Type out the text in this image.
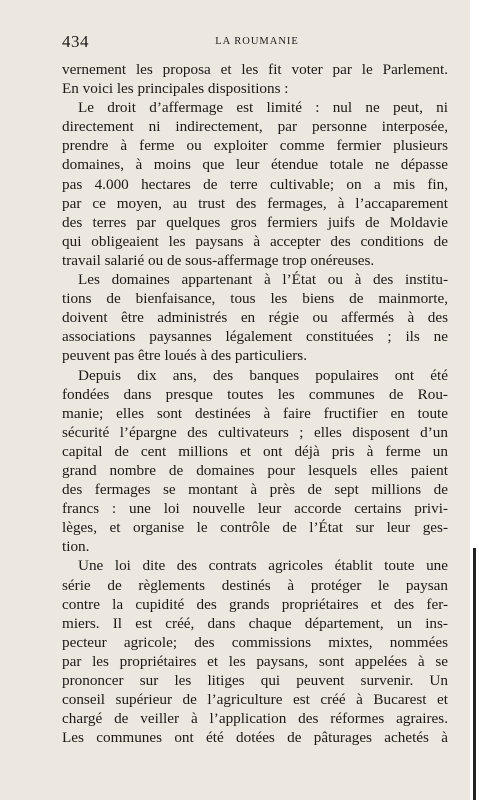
434	LA ROUMANIE
vernement les proposa et les fit voter par le Parlement.
En voici les principales dispositions :
Le droit d’affermage est limité : nul ne peut, ni
directement ni indirectement, par personne interposée,
prendre à ferme ou exploiter comme fermier plusieurs
domaines, à moins que leur étendue totale ne dépasse
pas 4.000 hectares de terre cultivable; on a mis fin,
par ce moyen, au trust des fermages, à l’accaparement
des terres par quelques gros fermiers juifs de Moldavie
qui obligeaient les paysans à accepter des conditions de
travail salarié ou de sous-affermage trop onéreuses.
Les domaines appartenant à l’État ou à des institu-
tions de bienfaisance, tous les biens de mainmorte,
doivent être administrés en régie ou affermés à des
associations paysannes légalement constituées ; ils ne
peuvent pas être loués à des particuliers.
Depuis dix ans, des banques populaires ont été
fondées dans presque toutes les communes de Rou-
manie; elles sont destinées à faire fructifier en toute
sécurité l’épargne des cultivateurs ; elles disposent d’un
capital de cent millions et ont déjà pris à ferme un
grand nombre de domaines pour lesquels elles paient
des fermages se montant à près de sept millions de
francs : une loi nouvelle leur accorde certains privi-
lèges, et organise le contrôle de l’État sur leur ges-
tion.
Une loi dite des contrats agricoles établit toute une
série de règlements destinés à protéger le paysan
contre la cupidité des grands propriétaires et des fer-
miers. Il est créé, dans chaque département, un ins-
pecteur agricole; des commissions mixtes, nommées
par les propriétaires et les paysans, sont appelées à se
prononcer sur les litiges qui peuvent survenir. Un
conseil supérieur de l’agriculture est créé à Bucarest et
chargé de veiller à l’application des réformes agraires.
Les communes ont été dotées de pâturages achetés à
